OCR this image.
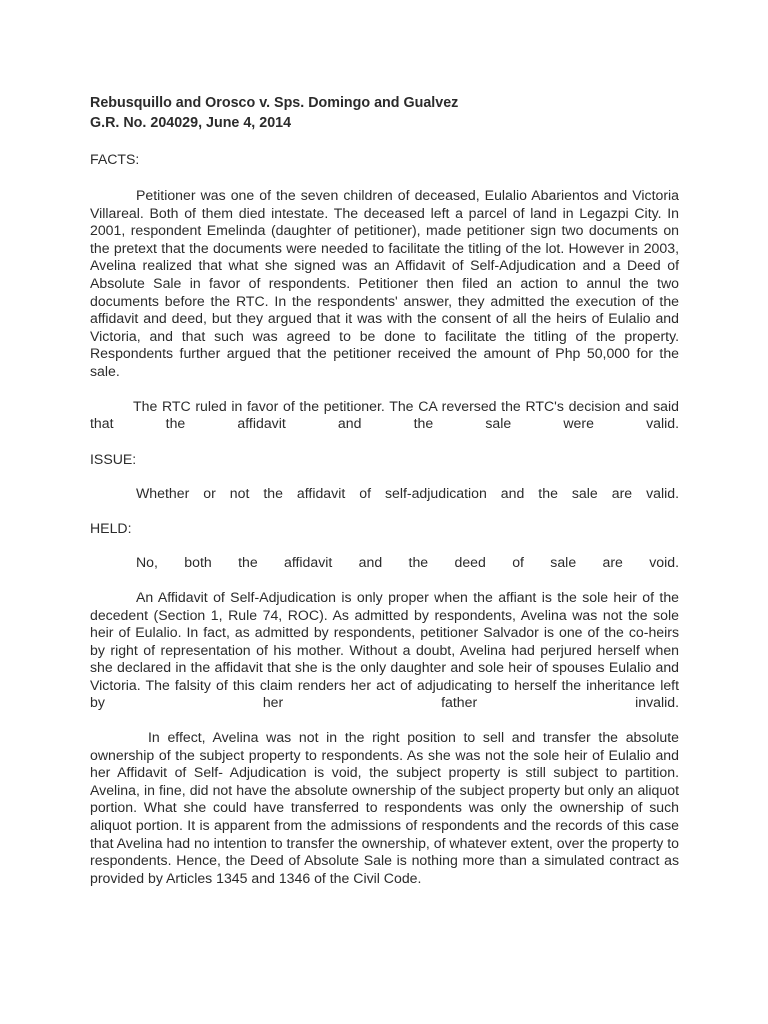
Rebusquillo and Orosco v. Sps. Domingo and Gualvez

G.R. No. 204029, June 4, 2014

FACTS:

Petitioner was one of the seven children of deceased, Eulalio Abarientos and Victoria Villareal. Both of them died intestate. The deceased left a parcel of land in Legazpi City. In 2001, respondent Emelinda (daughter of petitioner), made petitioner sign two documents on the pretext that the documents were needed to facilitate the titling of the lot. However in 2003, Avelina realized that what she signed was an Affidavit of Self-Adjudication and a Deed of Absolute Sale in favor of respondents. Petitioner then filed an action to annul the two documents before the RTC. In the respondents' answer, they admitted the execution of the affidavit and deed, but they argued that it was with the consent of all the heirs of Eulalio and Victoria, and that such was agreed to be done to facilitate the titling of the property. Respondents further argued that the petitioner received the amount of Php 50,000 for the sale.

The RTC ruled in favor of the petitioner. The CA reversed the RTC's decision and said that the affidavit and the sale were valid.

ISSUE:

Whether or not the affidavit of self-adjudication and the sale are valid.

HELD:

No, both the affidavit and the deed of sale are void.

An Affidavit of Self-Adjudication is only proper when the affiant is the sole heir of the decedent (Section 1, Rule 74, ROC). As admitted by respondents, Avelina was not the sole heir of Eulalio. In fact, as admitted by respondents, petitioner Salvador is one of the co-heirs by right of representation of his mother. Without a doubt, Avelina had perjured herself when she declared in the affidavit that she is the only daughter and sole heir of spouses Eulalio and Victoria. The falsity of this claim renders her act of adjudicating to herself the inheritance left by her father invalid.

In effect, Avelina was not in the right position to sell and transfer the absolute ownership of the subject property to respondents. As she was not the sole heir of Eulalio and her Affidavit of Self- Adjudication is void, the subject property is still subject to partition. Avelina, in fine, did not have the absolute ownership of the subject property but only an aliquot portion. What she could have transferred to respondents was only the ownership of such aliquot portion. It is apparent from the admissions of respondents and the records of this case that Avelina had no intention to transfer the ownership, of whatever extent, over the property to respondents. Hence, the Deed of Absolute Sale is nothing more than a simulated contract as provided by Articles 1345 and 1346 of the Civil Code.
